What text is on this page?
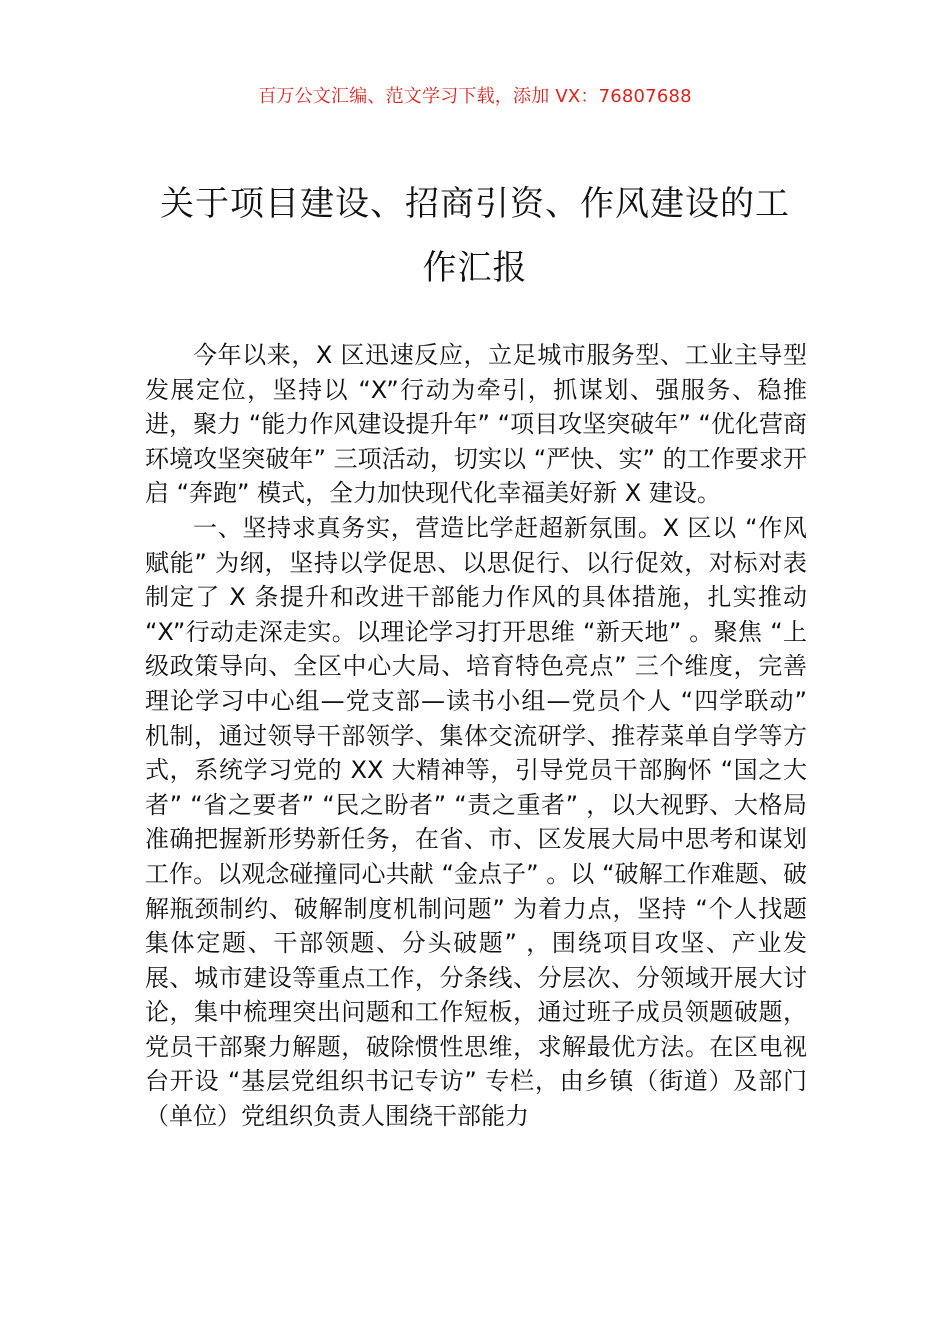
百万公文汇编、范文学习下载，添加 VX：76807688
关于项目建设、招商引资、作风建设的工
作汇报

今年以来，X 区迅速反应，立足城市服务型、工业主导型发展定位，坚持以 “X”行动为牵引，抓谋划、强服务、稳推进，聚力 “能力作风建设提升年” “项目攻坚突破年” “优化营商环境攻坚突破年” 三项活动，切实以 “严快、实” 的工作要求开启 “奔跑” 模式，全力加快现代化幸福美好新 X 建设。

一、坚持求真务实，营造比学赶超新氛围。X 区以 “作风赋能” 为纲，坚持以学促思、以思促行、以行促效，对标对表制定了 X 条提升和改进干部能力作风的具体措施，扎实推动 “X”行动走深走实。以理论学习打开思维 “新天地” 。聚焦 “上级政策导向、全区中心大局、培育特色亮点” 三个维度，完善理论学习中心组—党支部—读书小组—党员个人 “四学联动” 机制，通过领导干部领学、集体交流研学、推荐菜单自学等方式，系统学习党的 XX 大精神等，引导党员干部胸怀 “国之大者” “省之要者” “民之盼者” “责之重者” ，以大视野、大格局准确把握新形势新任务，在省、市、区发展大局中思考和谋划工作。以观念碰撞同心共献 “金点子” 。以 “破解工作难题、破解瓶颈制约、破解制度机制问题” 为着力点，坚持 “个人找题集体定题、干部领题、分头破题” ，围绕项目攻坚、产业发展、城市建设等重点工作，分条线、分层次、分领域开展大讨论，集中梳理突出问题和工作短板，通过班子成员领题破题，党员干部聚力解题，破除惯性思维，求解最优方法。在区电视台开设 “基层党组织书记专访” 专栏，由乡镇（街道）及部门（单位）党组织负责人围绕干部能力
